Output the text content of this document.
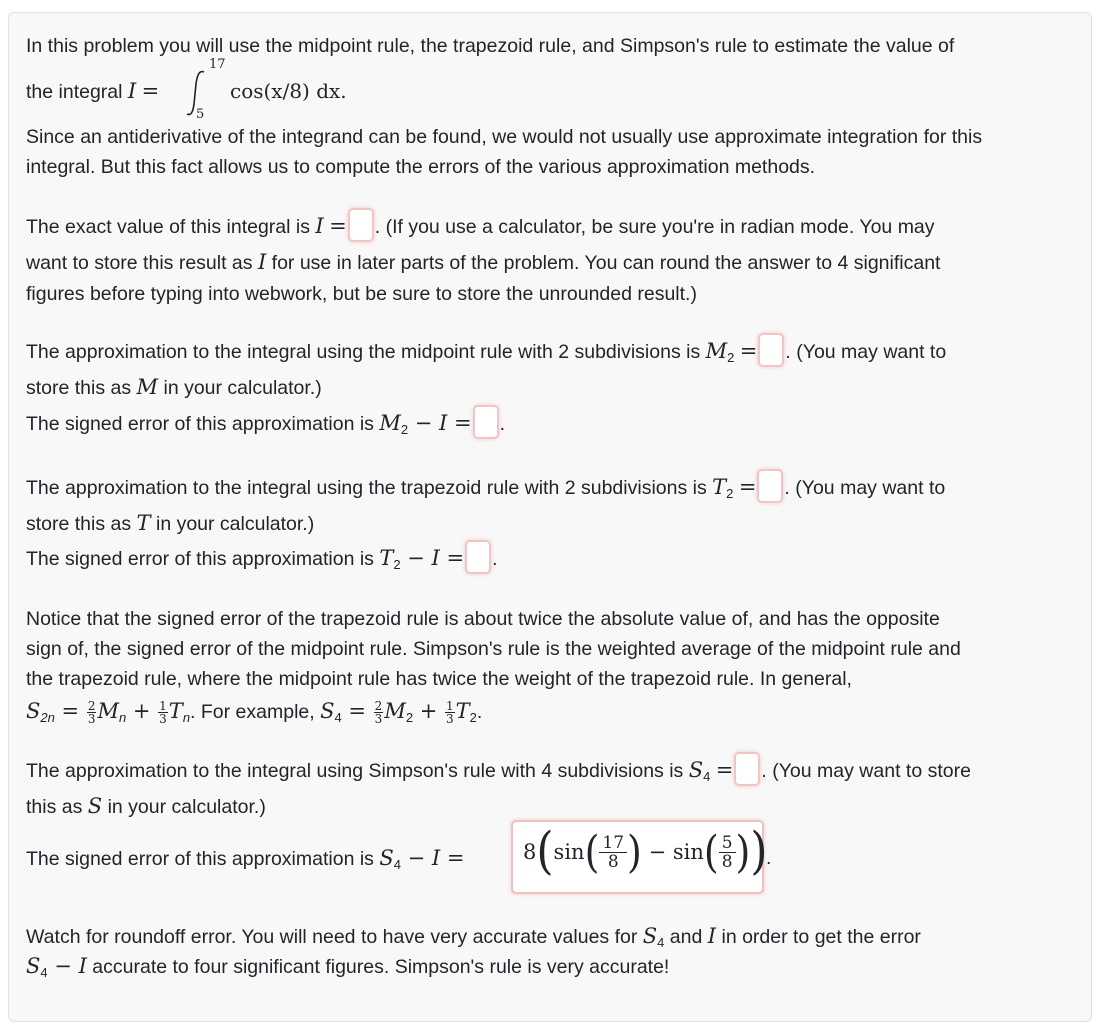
In this problem you will use the midpoint rule, the trapezoid rule, and Simpson's rule to estimate the value of
the integral I =
17
5
cos(x/8) dx.
Since an antiderivative of the integrand can be found, we would not usually use approximate integration for this
integral. But this fact allows us to compute the errors of the various approximation methods.
The exact value of this integral is I = . (If you use a calculator, be sure you're in radian mode. You may
want to store this result as I for use in later parts of the problem. You can round the answer to 4 significant
figures before typing into webwork, but be sure to store the unrounded result.)
The approximation to the integral using the midpoint rule with 2 subdivisions is $M_2$ = . (You may want to
store this as M in your calculator.)
The signed error of this approximation is $M_2 - I$ = .
The approximation to the integral using the trapezoid rule with 2 subdivisions is $T_2$ = . (You may want to
store this as T in your calculator.)
The signed error of this approximation is $T_2 - I$ = .
Notice that the signed error of the trapezoid rule is about twice the absolute value of, and has the opposite
sign of, the signed error of the midpoint rule. Simpson's rule is the weighted average of the midpoint rule and
the trapezoid rule, where the midpoint rule has twice the weight of the trapezoid rule. In general,
$S_{2n} = \frac{2}{3} M_n + \frac{1}{3} T_n$. For example, $S_4 = \frac{2}{3} M_2 + \frac{1}{3} T_2$.
The approximation to the integral using Simpson's rule with 4 subdivisions is $S_4$ = . (You may want to store
this as S in your calculator.)
The signed error of this approximation is $S_4 - I$ =	$8(\sin( \frac{17}{8}$ ) − $\sin( \frac{5}{8}$ ))
.
Watch for roundoff error. You will need to have very accurate values for $S_4$ and I in order to get the error
$S_4 - I$ accurate to four significant figures. Simpson's rule is very accurate!
